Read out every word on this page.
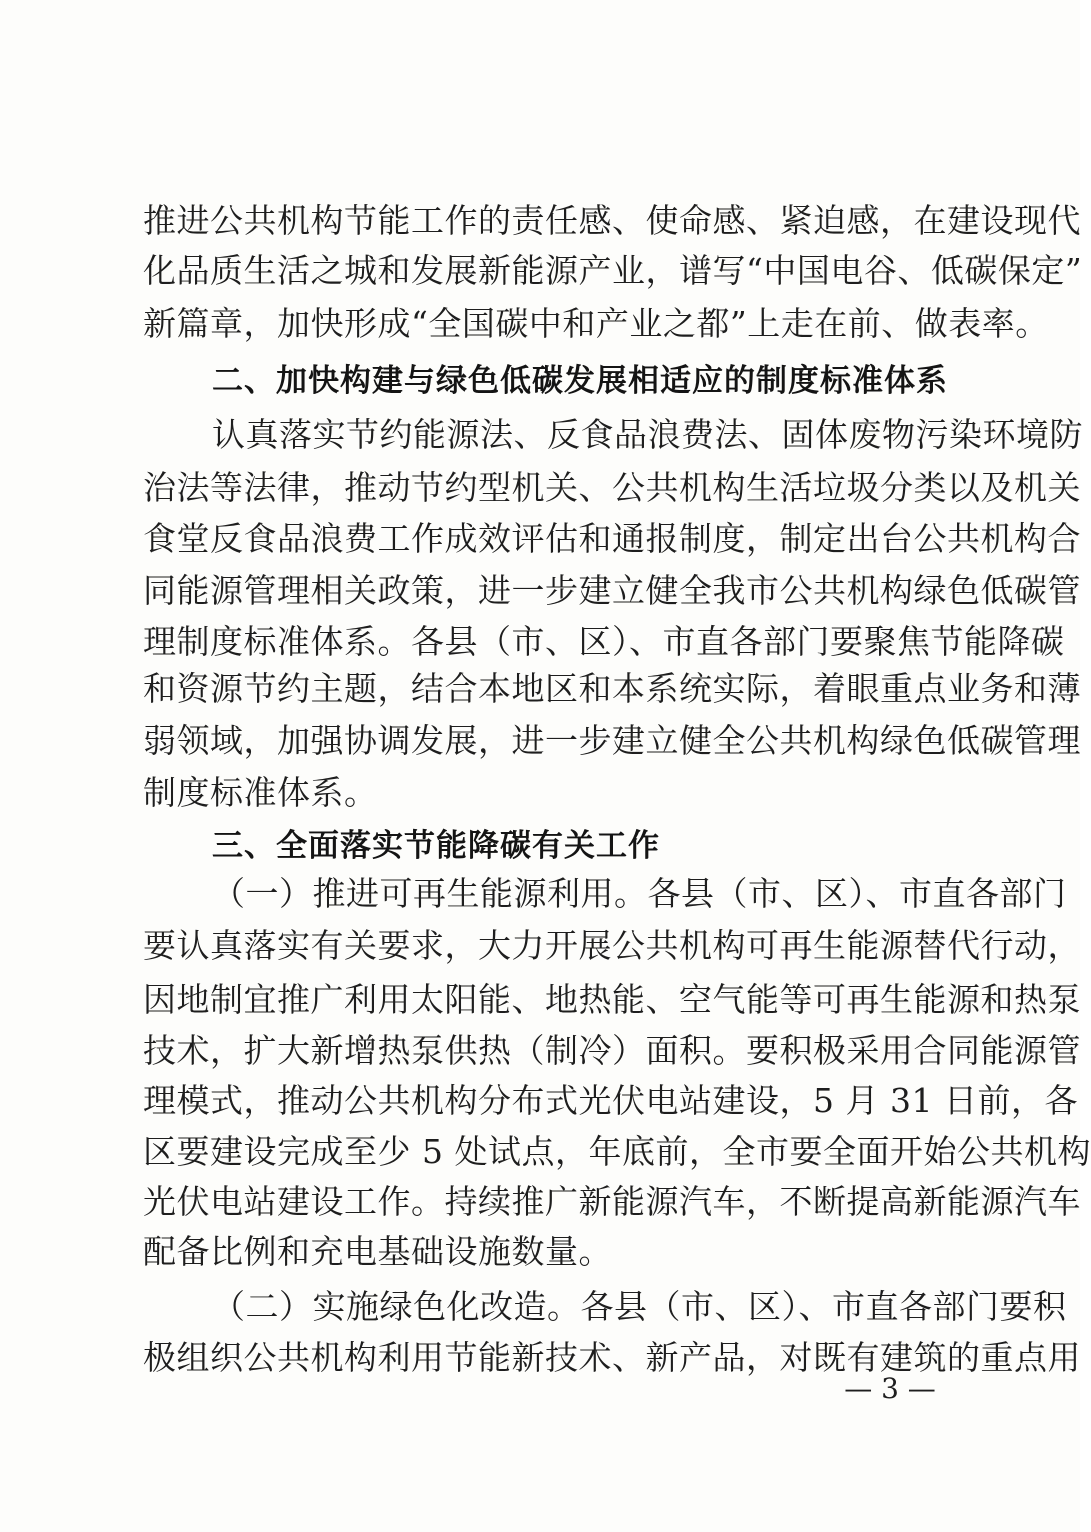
推进公共机构节能工作的责任感、使命感、紧迫感，在建设现代
化品质生活之城和发展新能源产业，谱写“中国电谷、低碳保定”
新篇章，加快形成“全国碳中和产业之都”上走在前、做表率。
二、加快构建与绿色低碳发展相适应的制度标准体系
认真落实节约能源法、反食品浪费法、固体废物污染环境防
治法等法律，推动节约型机关、公共机构生活垃圾分类以及机关
食堂反食品浪费工作成效评估和通报制度，制定出台公共机构合
同能源管理相关政策，进一步建立健全我市公共机构绿色低碳管
理制度标准体系。各县（市、区）、市直各部门要聚焦节能降碳
和资源节约主题，结合本地区和本系统实际，着眼重点业务和薄
弱领域，加强协调发展，进一步建立健全公共机构绿色低碳管理
制度标准体系。
三、全面落实节能降碳有关工作
（一）推进可再生能源利用。各县（市、区）、市直各部门
要认真落实有关要求，大力开展公共机构可再生能源替代行动，
因地制宜推广利用太阳能、地热能、空气能等可再生能源和热泵
技术，扩大新增热泵供热（制冷）面积。要积极采用合同能源管
理模式，推动公共机构分布式光伏电站建设，5 月 31 日前，各
区要建设完成至少 5 处试点，年底前，全市要全面开始公共机构
光伏电站建设工作。持续推广新能源汽车，不断提高新能源汽车
配备比例和充电基础设施数量。
（二）实施绿色化改造。各县（市、区）、市直各部门要积
极组织公共机构利用节能新技术、新产品，对既有建筑的重点用
— 3 —
